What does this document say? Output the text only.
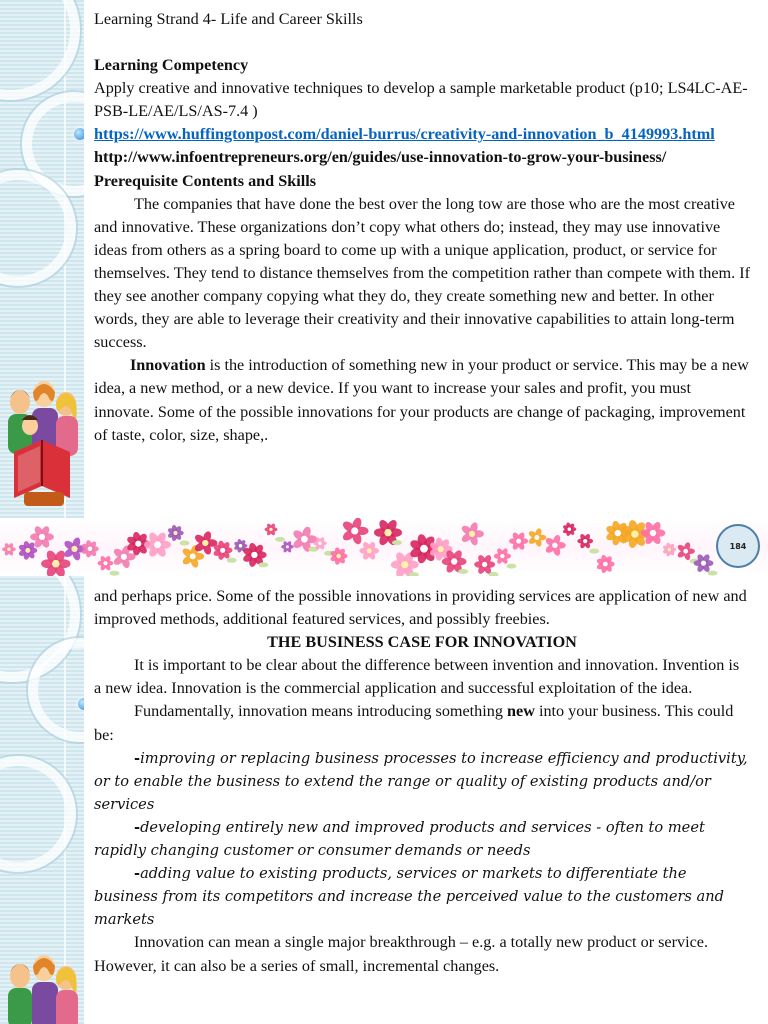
Learning Strand 4- Life and Career Skills

Learning Competency

Apply creative and innovative techniques to develop a sample marketable product (p10; LS4LC-AE-PSB-LE/AE/LS/AS-7.4 )

https://www.huffingtonpost.com/daniel-burrus/creativity-and-innovation_b_4149993.html

http://www.infoentrepreneurs.org/en/guides/use-innovation-to-grow-your-business/

Prerequisite Contents and Skills

The companies that have done the best over the long tow are those who are the most creative and innovative. These organizations don’t copy what others do; instead, they may use innovative ideas from others as a spring board to come up with a unique application, product, or service for themselves. They tend to distance themselves from the competition rather than compete with them. If they see another company copying what they do, they create something new and better. In other words, they are able to leverage their creativity and their innovative capabilities to attain long-term success.

Innovation is the introduction of something new in your product or service. This may be a new idea, a new method, or a new device. If you want to increase your sales and profit, you must innovate. Some of the possible innovations for your products are change of packaging, improvement of taste, color, size, shape,.

184

and perhaps price. Some of the possible innovations in providing services are application of new and improved methods, additional featured services, and possibly freebies.

THE BUSINESS CASE FOR INNOVATION

It is important to be clear about the difference between invention and innovation. Invention is a new idea. Innovation is the commercial application and successful exploitation of the idea.

Fundamentally, innovation means introducing something new into your business. This could be:

-improving or replacing business processes to increase efficiency and productivity, or to enable the business to extend the range or quality of existing products and/or services

-developing entirely new and improved products and services - often to meet rapidly changing customer or consumer demands or needs

-adding value to existing products, services or markets to differentiate the business from its competitors and increase the perceived value to the customers and markets

Innovation can mean a single major breakthrough – e.g. a totally new product or service. However, it can also be a series of small, incremental changes.
